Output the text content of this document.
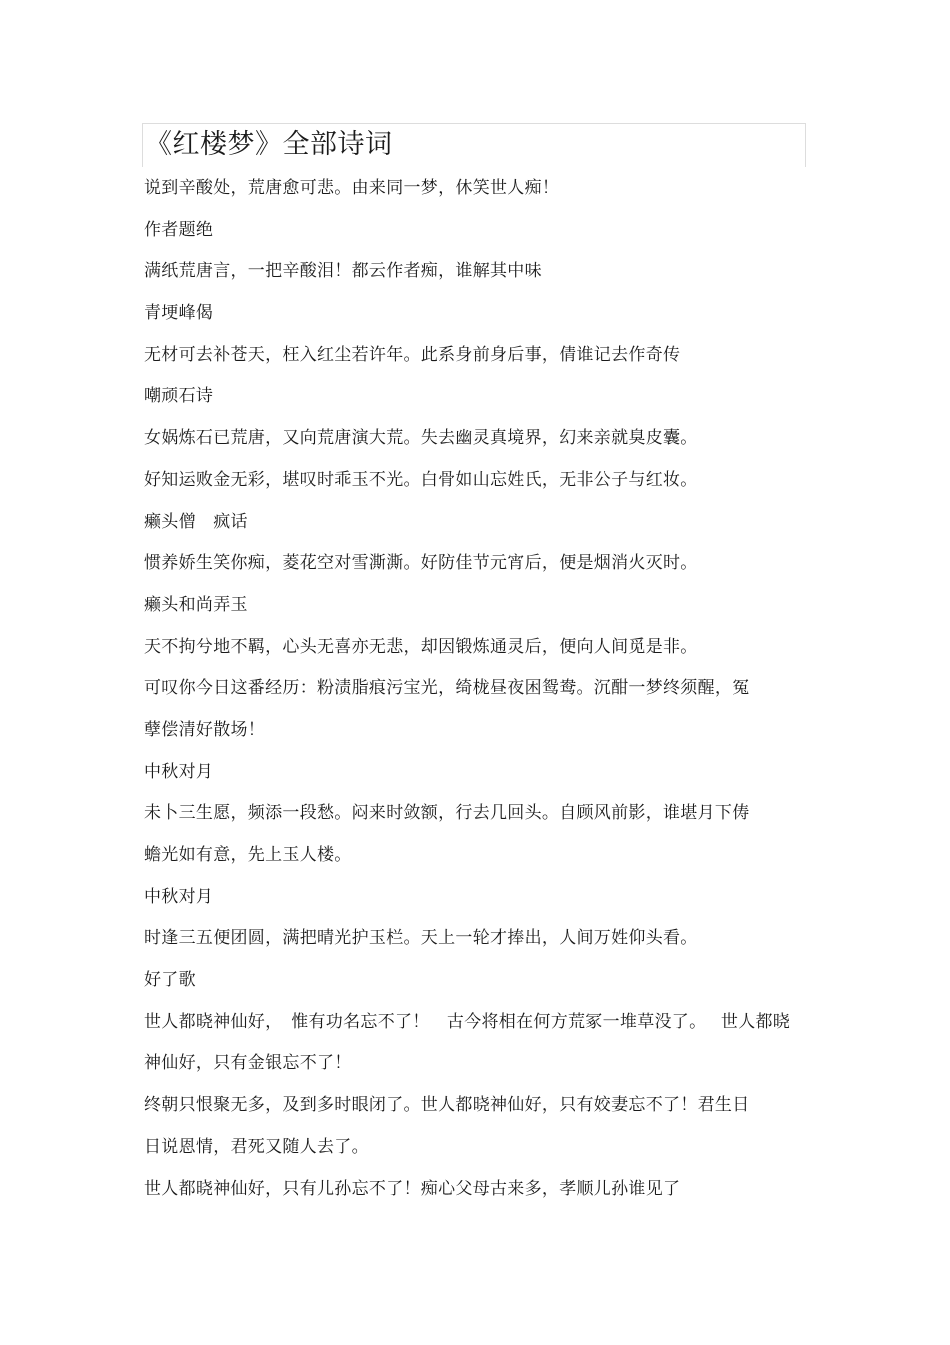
《红楼梦》全部诗词
说到辛酸处，荒唐愈可悲。由来同一梦，休笑世人痴！
作者题绝
满纸荒唐言，一把辛酸泪！都云作者痴，谁解其中味
青埂峰偈
无材可去补苍天，枉入红尘若许年。此系身前身后事，倩谁记去作奇传
嘲顽石诗
女娲炼石已荒唐，又向荒唐演大荒。失去幽灵真境界，幻来亲就臭皮囊。
好知运败金无彩，堪叹时乖玉不光。白骨如山忘姓氏，无非公子与红妆。
癞头僧　疯话
惯养娇生笑你痴，菱花空对雪澌澌。好防佳节元宵后，便是烟消火灭时。
癞头和尚弄玉
天不拘兮地不羁，心头无喜亦无悲，却因锻炼通灵后，便向人间觅是非。
可叹你今日这番经历：粉渍脂痕污宝光，绮栊昼夜困鸳鸯。沉酣一梦终须醒，冤
孽偿清好散场！
中秋对月
未卜三生愿，频添一段愁。闷来时敛额，行去几回头。自顾风前影，谁堪月下俦
蟾光如有意，先上玉人楼。
中秋对月
时逢三五便团圆，满把晴光护玉栏。天上一轮才捧出，人间万姓仰头看。
好了歌
世人都晓神仙好，　惟有功名忘不了！　古今将相在何方荒冢一堆草没了。　 世人都晓
神仙好，只有金银忘不了！
终朝只恨聚无多，及到多时眼闭了。世人都晓神仙好，只有姣妻忘不了！君生日
日说恩情，君死又随人去了。
世人都晓神仙好，只有儿孙忘不了！痴心父母古来多，孝顺儿孙谁见了
